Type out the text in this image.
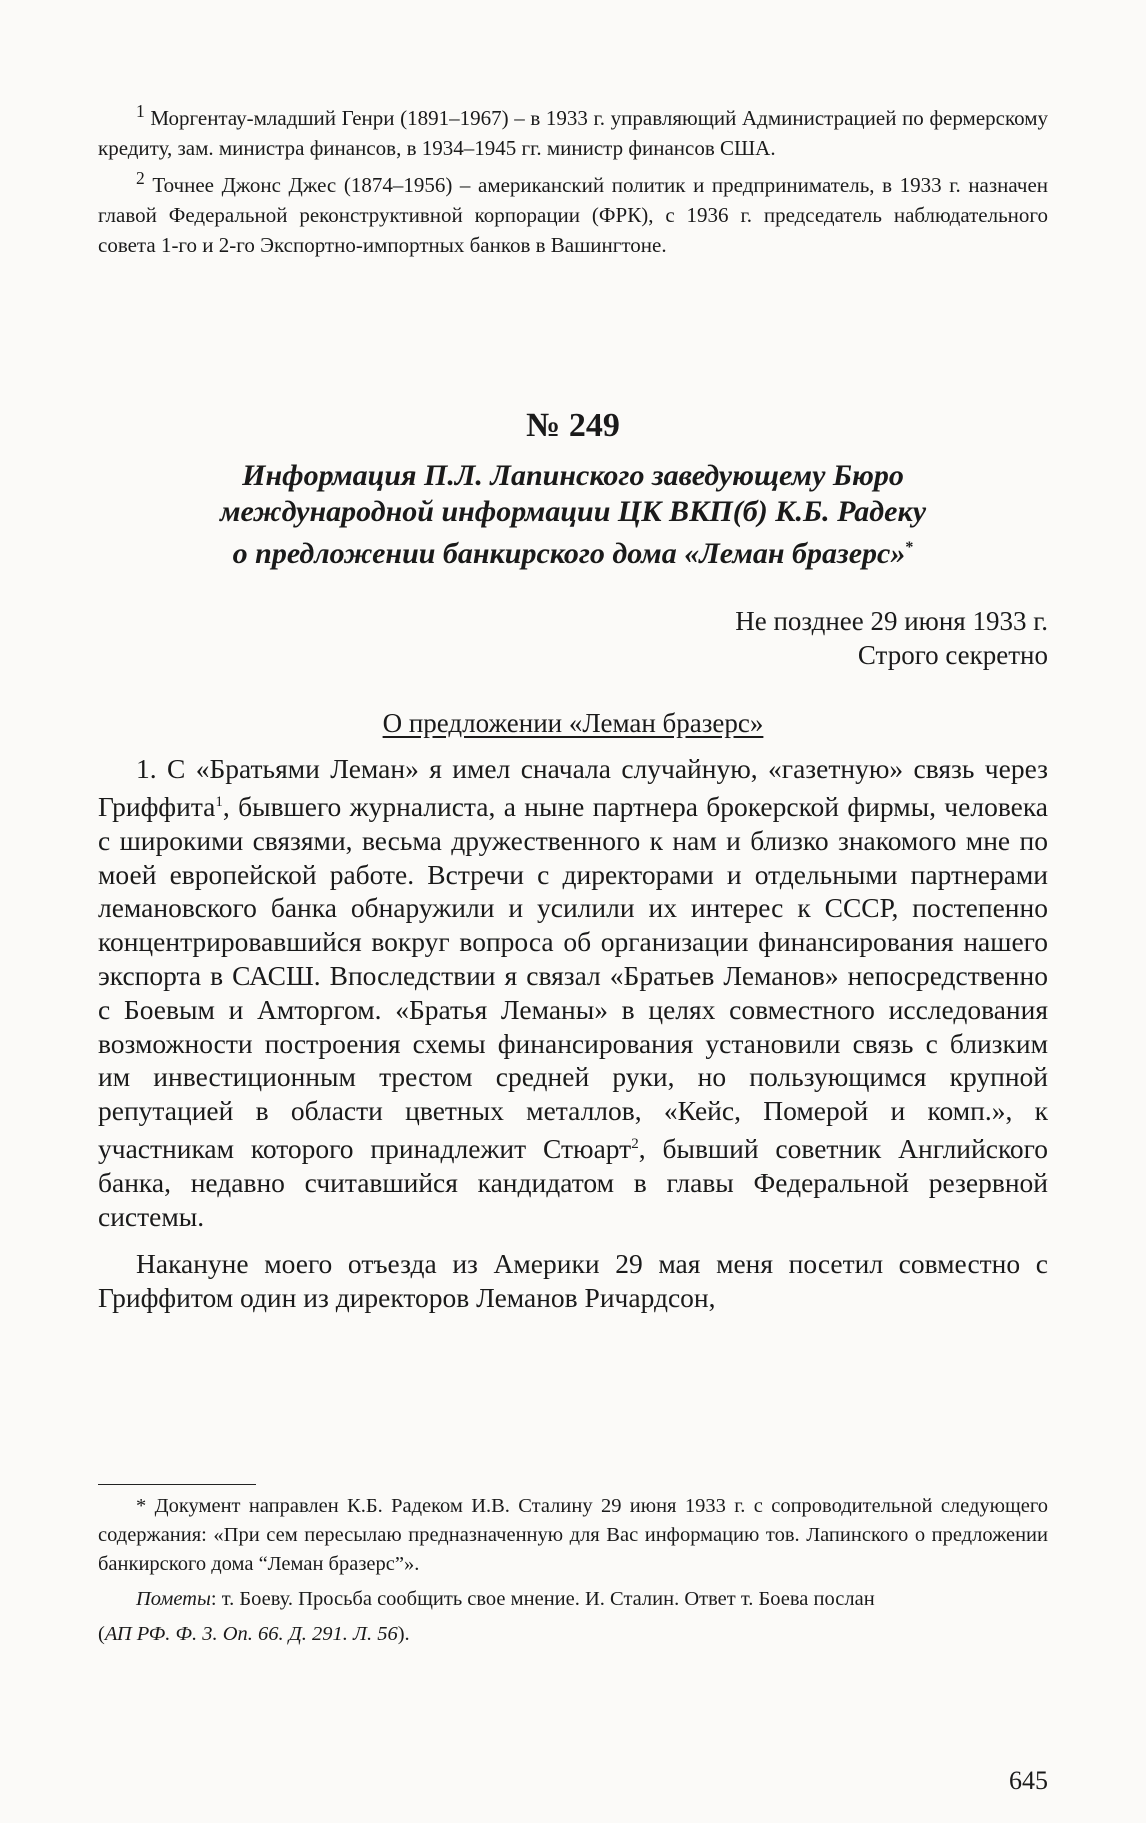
$^1$ Моргентау-младший Генри (1891–1967) – в 1933 г. управляющий Администрацией по фермерскому кредиту, зам. министра финансов, в 1934–1945 гг. министр финансов США.

$^2$ Точнее Джонс Джес (1874–1956) – американский политик и предприниматель, в 1933 г. назначен главой Федеральной реконструктивной корпорации (ФРК), с 1936 г. председатель наблюдательного совета 1-го и 2-го Экспортно-импортных банков в Вашингтоне.

№ 249
Информация П.Л. Лапинского заведующему Бюро
международной информации ЦК ВКП(б) К.Б. Радеку
о предложении банкирского дома «Леман бразерс»*
Не позднее 29 июня 1933 г.
Строго секретно
О предложении «Леман бразерс»

1. С «Братьями Леман» я имел сначала случайную, «газетную» связь через Гриффита$^1$, бывшего журналиста, а ныне партнера брокерской фирмы, человека с широкими связями, весьма дружественного к нам и близко знакомого мне по моей европейской работе. Встречи с директорами и отдельными партнерами лемановского банка обнаружили и усилили их интерес к СССР, постепенно концентрировавшийся вокруг вопроса об организации финансирования нашего экспорта в САСШ. Впоследствии я связал «Братьев Леманов» непосредственно с Боевым и Амторгом. «Братья Леманы» в целях совместного исследования возможности построения схемы финансирования установили связь с близким им инвестиционным трестом средней руки, но пользующимся крупной репутацией в области цветных металлов, «Кейс, Померой и комп.», к участникам которого принадлежит Стюарт$^2$, бывший советник Английского банка, недавно считавшийся кандидатом в главы Федеральной резервной системы.

Накануне моего отъезда из Америки 29 мая меня посетил совместно с Гриффитом один из директоров Леманов Ричардсон,

* Документ направлен К.Б. Радеком И.В. Сталину 29 июня 1933 г. с сопроводительной следующего содержания: «При сем пересылаю предназначенную для Вас информацию тов. Лапинского о предложении банкирского дома “Леман бразерс”».

Пометы: т. Боеву. Просьба сообщить свое мнение. И. Сталин. Ответ т. Боева послан

(АП РФ. Ф. 3. Оп. 66. Д. 291. Л. 56).

645
